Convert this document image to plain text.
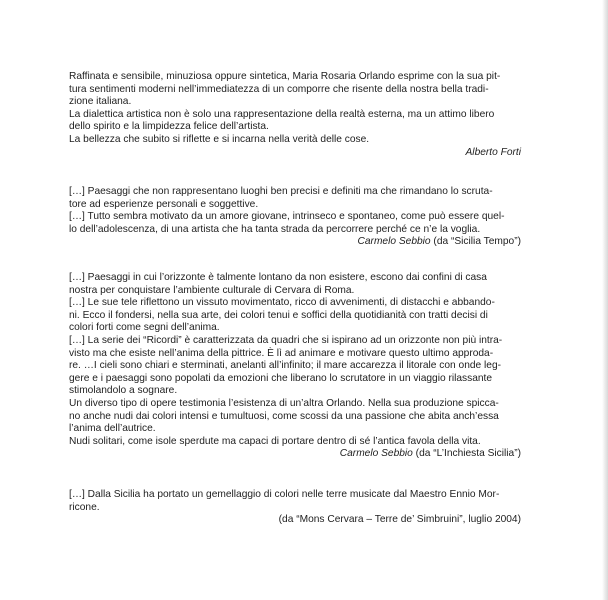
Raffinata e sensibile, minuziosa oppure sintetica, Maria Rosaria Orlando esprime con la sua pit-

tura sentimenti moderni nell’immediatezza di un comporre che risente della nostra bella tradi-

zione italiana.

La dialettica artistica non è solo una rappresentazione della realtà esterna, ma un attimo libero

dello spirito e la limpidezza felice dell’artista.

La bellezza che subito si riflette e si incarna nella verità delle cose.

Alberto Forti

[…] Paesaggi che non rappresentano luoghi ben precisi e definiti ma che rimandano lo scruta-

tore ad esperienze personali e soggettive.

[…] Tutto sembra motivato da un amore giovane, intrinseco e spontaneo, come può essere quel-

lo dell’adolescenza, di una artista che ha tanta strada da percorrere perché ce n’e la voglia.

Carmelo Sebbio (da “Sicilia Tempo”)

[…] Paesaggi in cui l’orizzonte è talmente lontano da non esistere, escono dai confini di casa

nostra per conquistare l’ambiente culturale di Cervara di Roma.

[…] Le sue tele riflettono un vissuto movimentato, ricco di avvenimenti, di distacchi e abbando-

ni. Ecco il fondersi, nella sua arte, dei colori tenui e soffici della quotidianità con tratti decisi di

colori forti come segni dell’anima.

[…] La serie dei “Ricordi” è caratterizzata da quadri che si ispirano ad un orizzonte non più intra-

visto ma che esiste nell’anima della pittrice. È lì ad animare e motivare questo ultimo approda-

re. …I cieli sono chiari e sterminati, anelanti all’infinito; il mare accarezza il litorale con onde leg-

gere e i paesaggi sono popolati da emozioni che liberano lo scrutatore in un viaggio rilassante

stimolandolo a sognare.

Un diverso tipo di opere testimonia l’esistenza di un’altra Orlando. Nella sua produzione spicca-

no anche nudi dai colori intensi e tumultuosi, come scossi da una passione che abita anch’essa

l’anima dell’autrice.

Nudi solitari, come isole sperdute ma capaci di portare dentro di sé l’antica favola della vita.

Carmelo Sebbio (da “L’Inchiesta Sicilia”)

[…] Dalla Sicilia ha portato un gemellaggio di colori nelle terre musicate dal Maestro Ennio Mor-

ricone.

(da “Mons Cervara – Terre de’ Simbruini”, luglio 2004)
